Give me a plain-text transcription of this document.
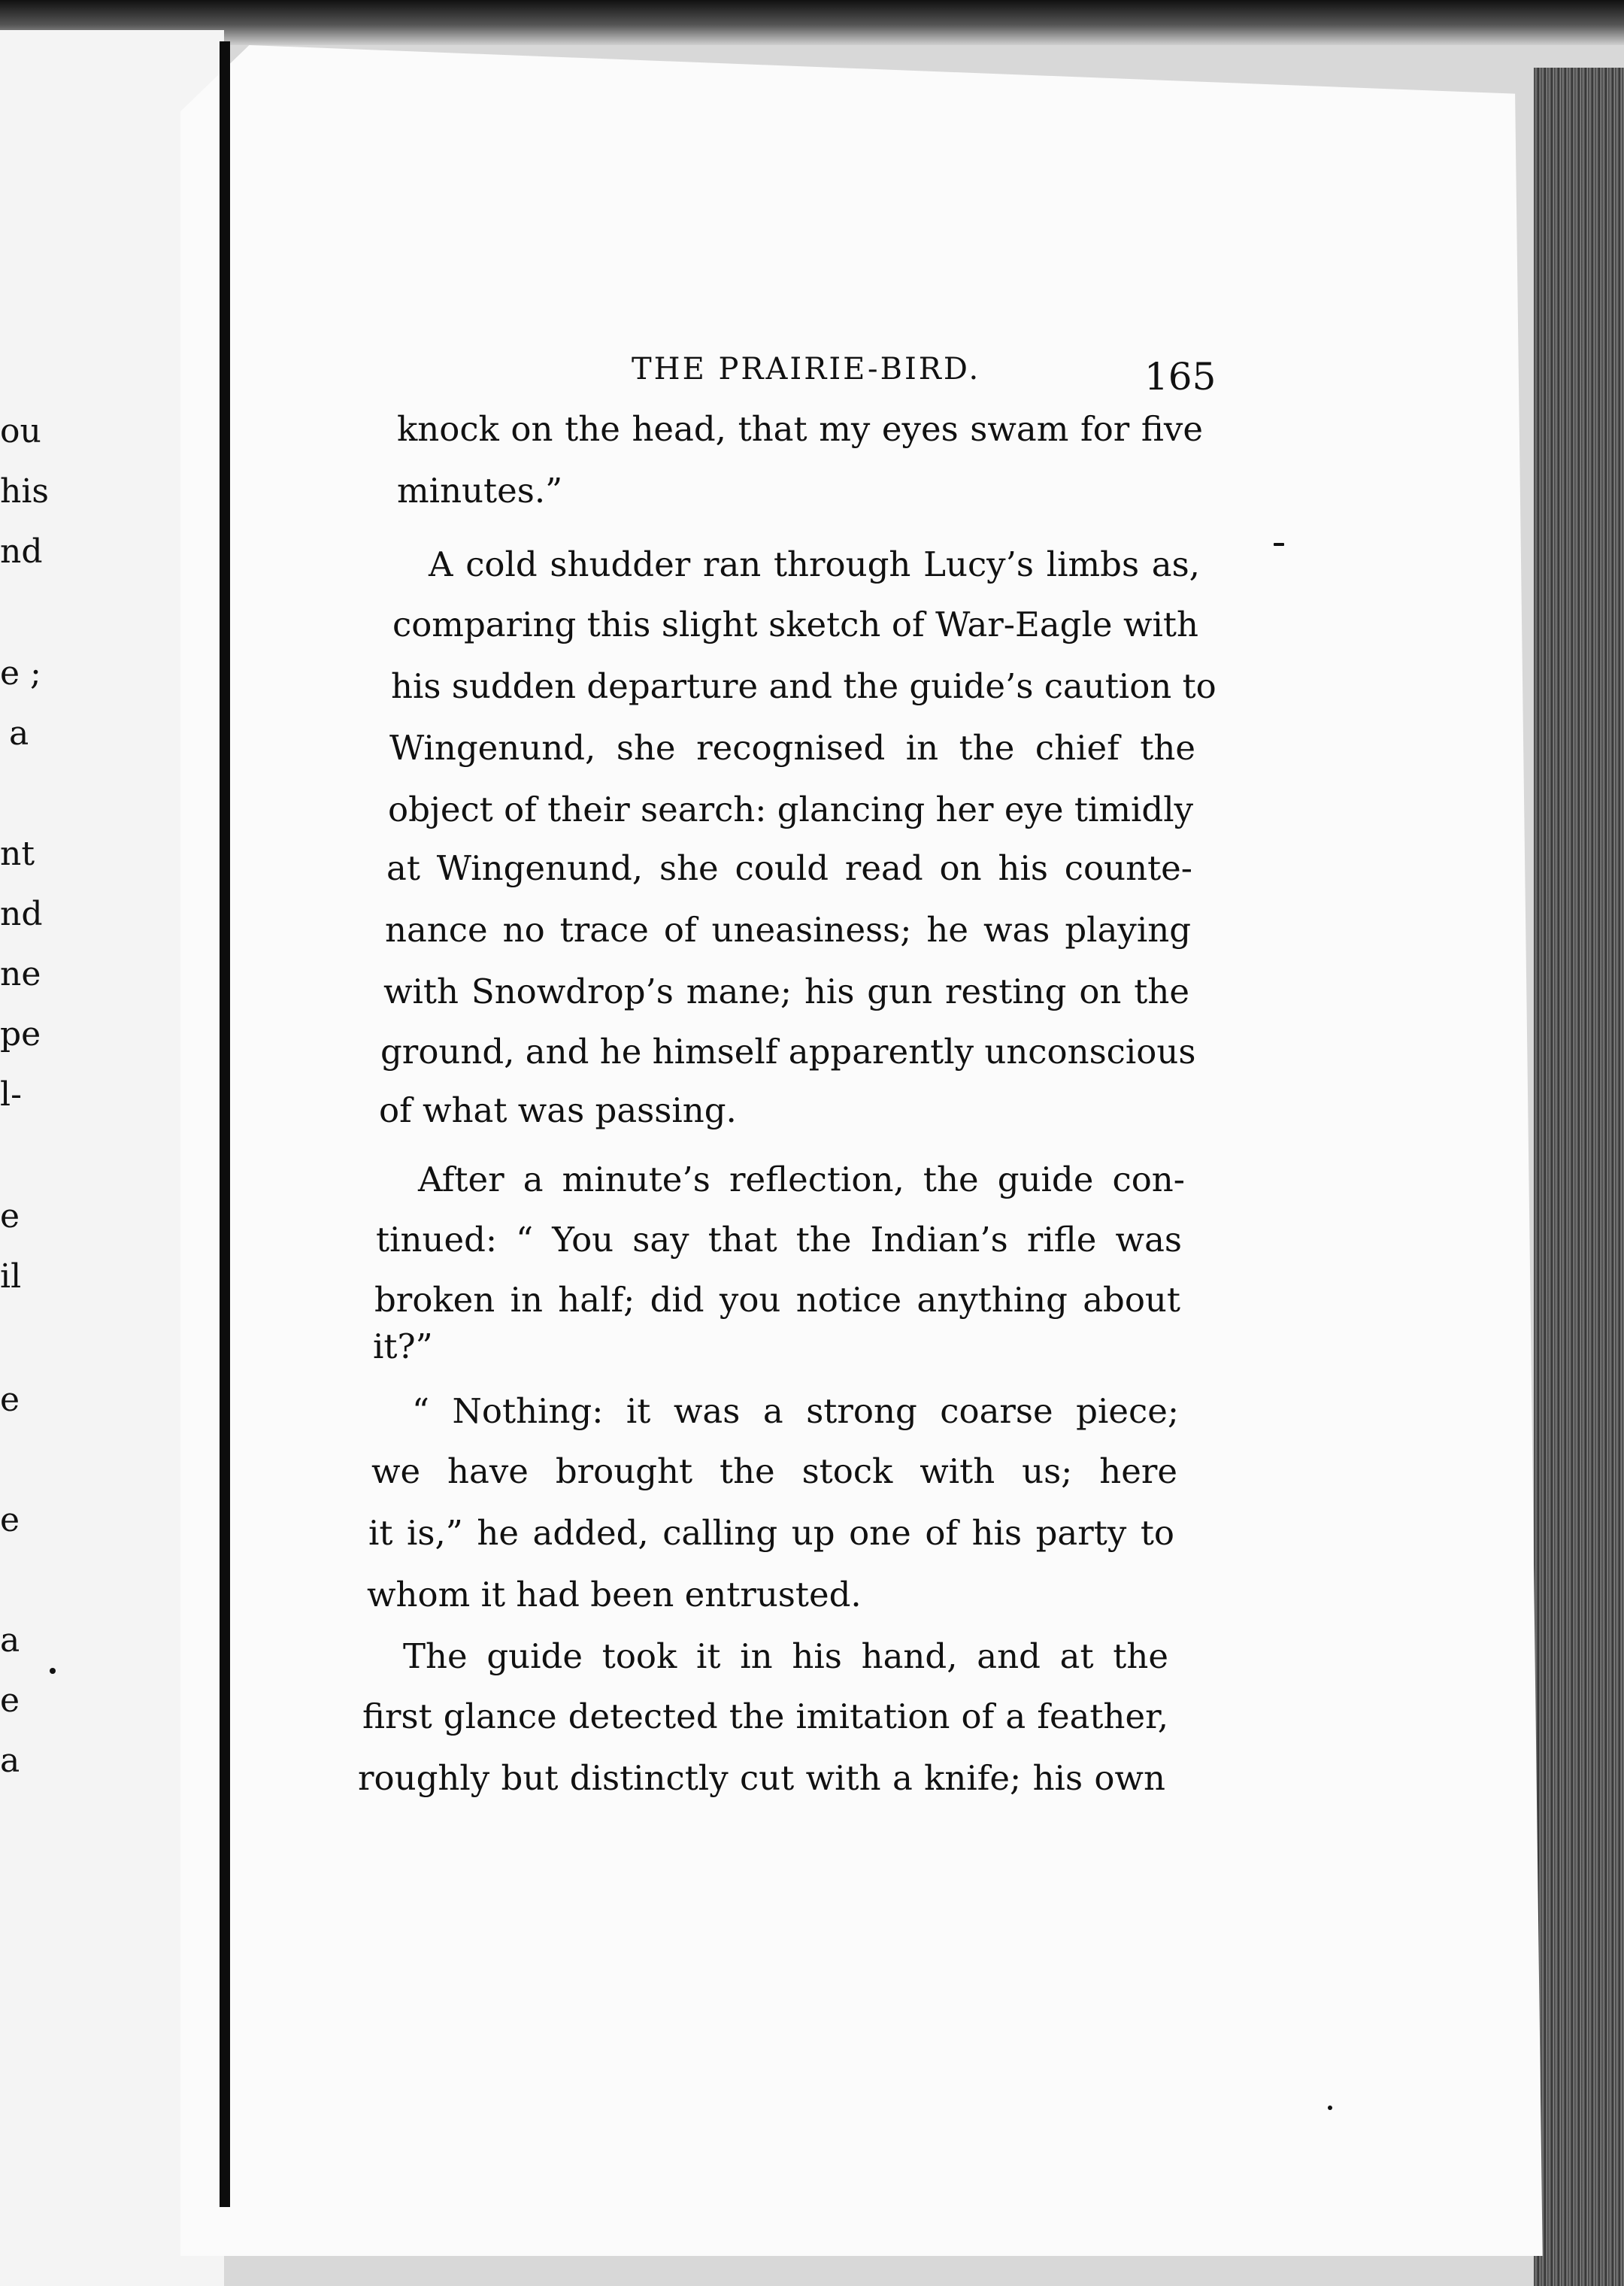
ou
his
nd
e ;
a
nt
nd
ne
pe
l-
e
il
e
e
a
e
a
THE PRAIRIE-BIRD.	165
knock on the head, that my eyes swam for five
minutes.”
A cold shudder ran through Lucy’s limbs as,
comparing this slight sketch of War-Eagle with
his sudden departure and the guide’s caution to
Wingenund, she recognised in the chief the
object of their search: glancing her eye timidly
at Wingenund, she could read on his counte-
nance no trace of uneasiness; he was playing
with Snowdrop’s mane; his gun resting on the
ground, and he himself apparently unconscious
of what was passing.
After a minute’s reflection, the guide con-
tinued: “ You say that the Indian’s rifle was
broken in half; did you notice anything about
it?”
“ Nothing: it was a strong coarse piece;
we have brought the stock with us; here
it is,” he added, calling up one of his party to
whom it had been entrusted.
The guide took it in his hand, and at the
first glance detected the imitation of a feather,
roughly but distinctly cut with a knife; his own
